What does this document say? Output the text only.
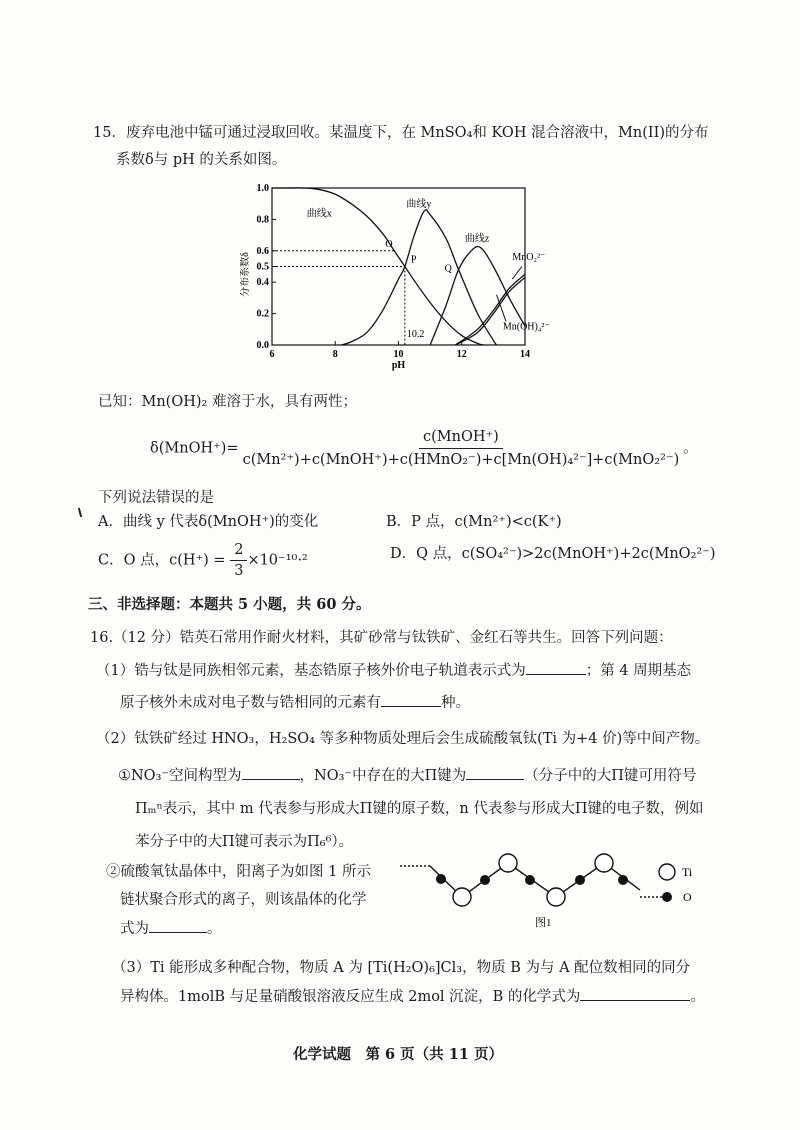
15．废弃电池中锰可通过浸取回收。某温度下，在 MnSO₄和 KOH 混合溶液中，Mn(II)的分布
系数δ与 pH 的关系如图。
6	8	10	12	14
0.0
0.2
0.4
0.5
0.6
0.8
1.0
pH
分布系数δ
曲线x
曲线y
曲线z
MnO₂²⁻
Mn(OH)₄²⁻
O
P
Q
10.2
已知：Mn(OH)₂ 难溶于水，具有两性；
δ(MnOH⁺)= $\frac{\text{c(MnOH⁺)}}{\text{c(Mn²⁺)+c(MnOH⁺)+c(HMnO₂⁻)+c[Mn(OH)₄²⁻]+c(MnO₂²⁻)}}$ 。
下列说法错误的是
A．曲线 y 代表δ(MnOH⁺)的变化	B．P 点，c(Mn²⁺)<c(K⁺)
C．O 点，$c(H^+) = \frac{2}{3} \times 10^{-10}\cdot^2$	D．Q 点，c(SO₄²⁻)>2c(MnOH⁺)+2c(MnO₂²⁻)
三、非选择题：本题共 5 小题，共 60 分。
16.（12 分）锆英石常用作耐火材料，其矿砂常与钛铁矿、金红石等共生。回答下列问题：
（1）锆与钛是同族相邻元素，基态锆原子核外价电子轨道表示式为	；第 4 周期基态
原子核外未成对电子数与锆相同的元素有	种。
（2）钛铁矿经过 HNO₃，H₂SO₄ 等多种物质处理后会生成硫酸氧钛(Ti 为+4 价)等中间产物。
①NO₃⁻空间构型为	，NO₃⁻中存在的大Π键为	（分子中的大Π键可用符号
Πₘⁿ表示，其中 m 代表参与形成大Π键的原子数，n 代表参与形成大Π键的电子数，例如
苯分子中的大Π键可表示为Π₆⁶）。
②硫酸氧钛晶体中，阳离子为如图 1 所示
链状聚合形式的离子，则该晶体的化学
式为	。
Ti
O
图1
（3）Ti 能形成多种配合物，物质 A 为 [Ti(H₂O)₆]Cl₃，物质 B 为与 A 配位数相同的同分
异构体。1molB 与足量硝酸银溶液反应生成 2mol 沉淀，B 的化学式为	。
化学试题　第 6 页（共 11 页）
